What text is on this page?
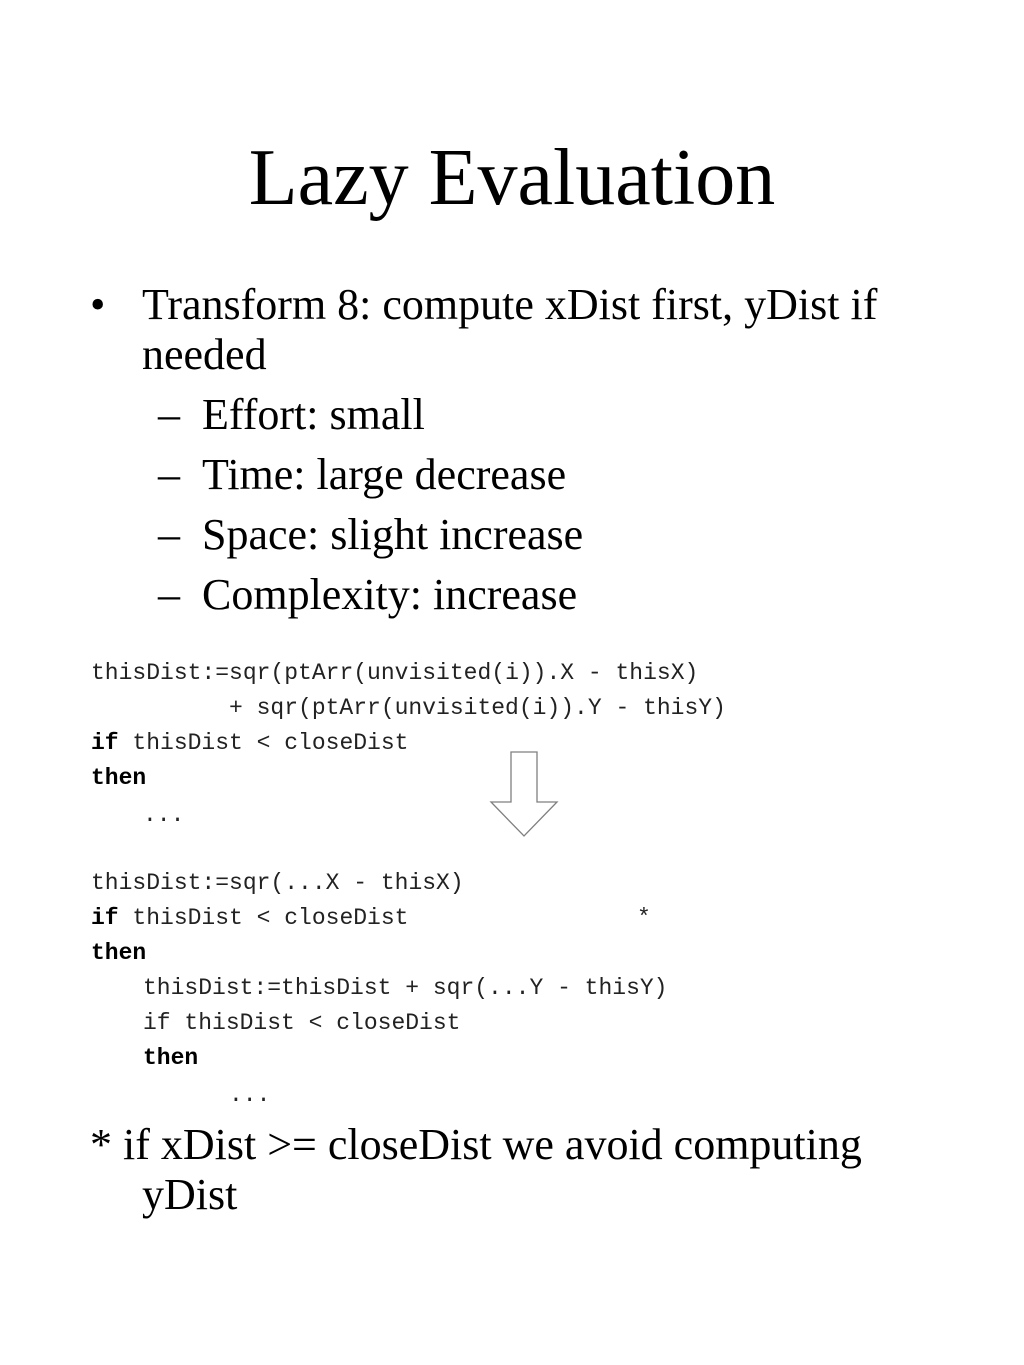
Lazy Evaluation
• Transform 8: compute xDist first, yDist if
needed
– Effort: small
– Time: large decrease
– Space: slight increase
– Complexity: increase
thisDist:=sqr(ptArr(unvisited(i)).X - thisX)
+ sqr(ptArr(unvisited(i)).Y - thisY)
if thisDist < closeDist
then
...
thisDist:=sqr(...X - thisX)
if thisDist < closeDist	*
then
thisDist:=thisDist + sqr(...Y - thisY)
if thisDist < closeDist
then
...
* if xDist >= closeDist we avoid computing
yDist
